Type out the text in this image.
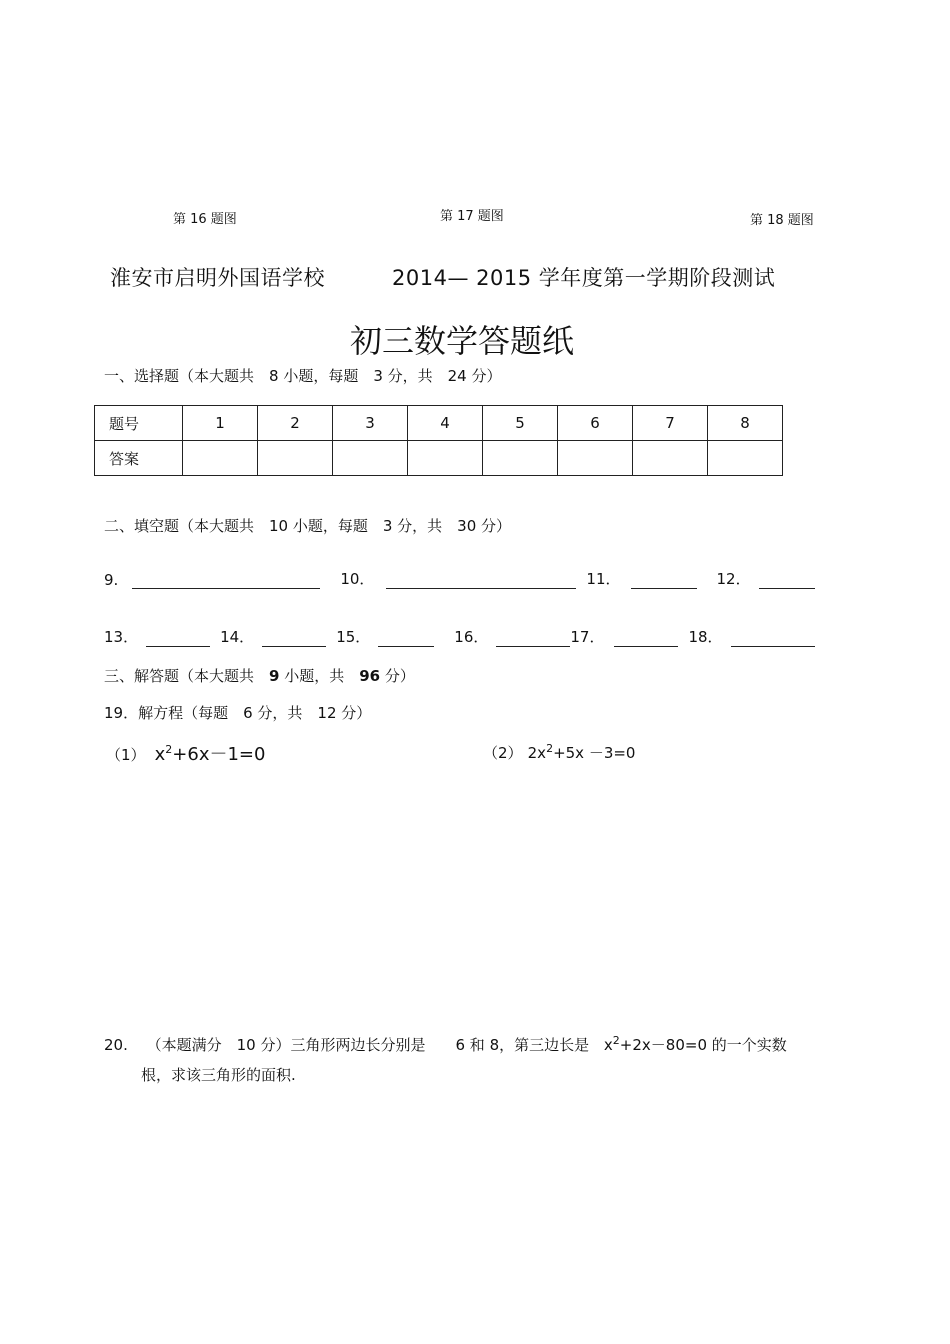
第 16 题图	第 17 题图	第 18 题图
淮安市启明外国语学校	2014— 2015 学年度第一学期阶段测试
初三数学答题纸
一、选择题（本大题共　8 小题，每题　3 分，共　24 分）
题号	1	2	3	4	5	6	7	8
答案								
二、填空题（本大题共　10 小题，每题　3 分，共　30 分）
9.	10．	11．	12．
13．	14．	15．	16．	17．	18．
三、解答题（本大题共　9 小题，共　96 分）
19．解方程（每题　6 分，共　12 分）
（1） $x^2+6x-1=0$	（2） $2x^2+5x -3=0$
20. （本题满分　10 分）三角形两边长分别是　　6 和 8，第三边长是 $x^2+2x-80=0$ 的一个实数
根，求该三角形的面积.
